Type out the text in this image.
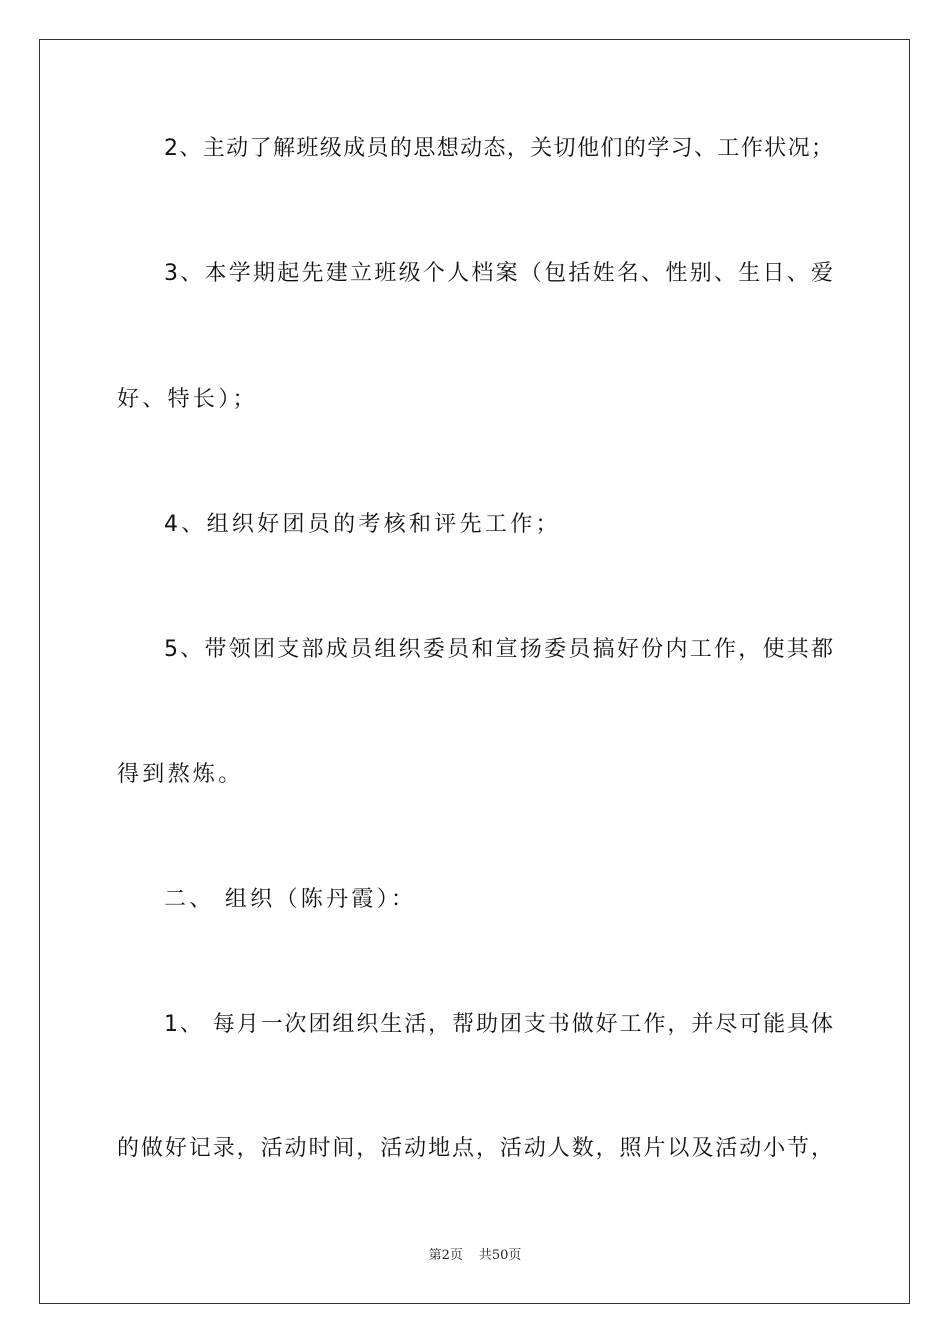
2、主动了解班级成员的思想动态，关切他们的学习、工作状况；
3、本学期起先建立班级个人档案（包括姓名、性别、生日、爱
好、特长）；
4、组织好团员的考核和评先工作；
5、带领团支部成员组织委员和宣扬委员搞好份内工作，使其都
得到熬炼。
二、 组织（陈丹霞）：
1、 每月一次团组织生活，帮助团支书做好工作，并尽可能具体
的做好记录，活动时间，活动地点，活动人数，照片以及活动小节，
第2页 共50页
